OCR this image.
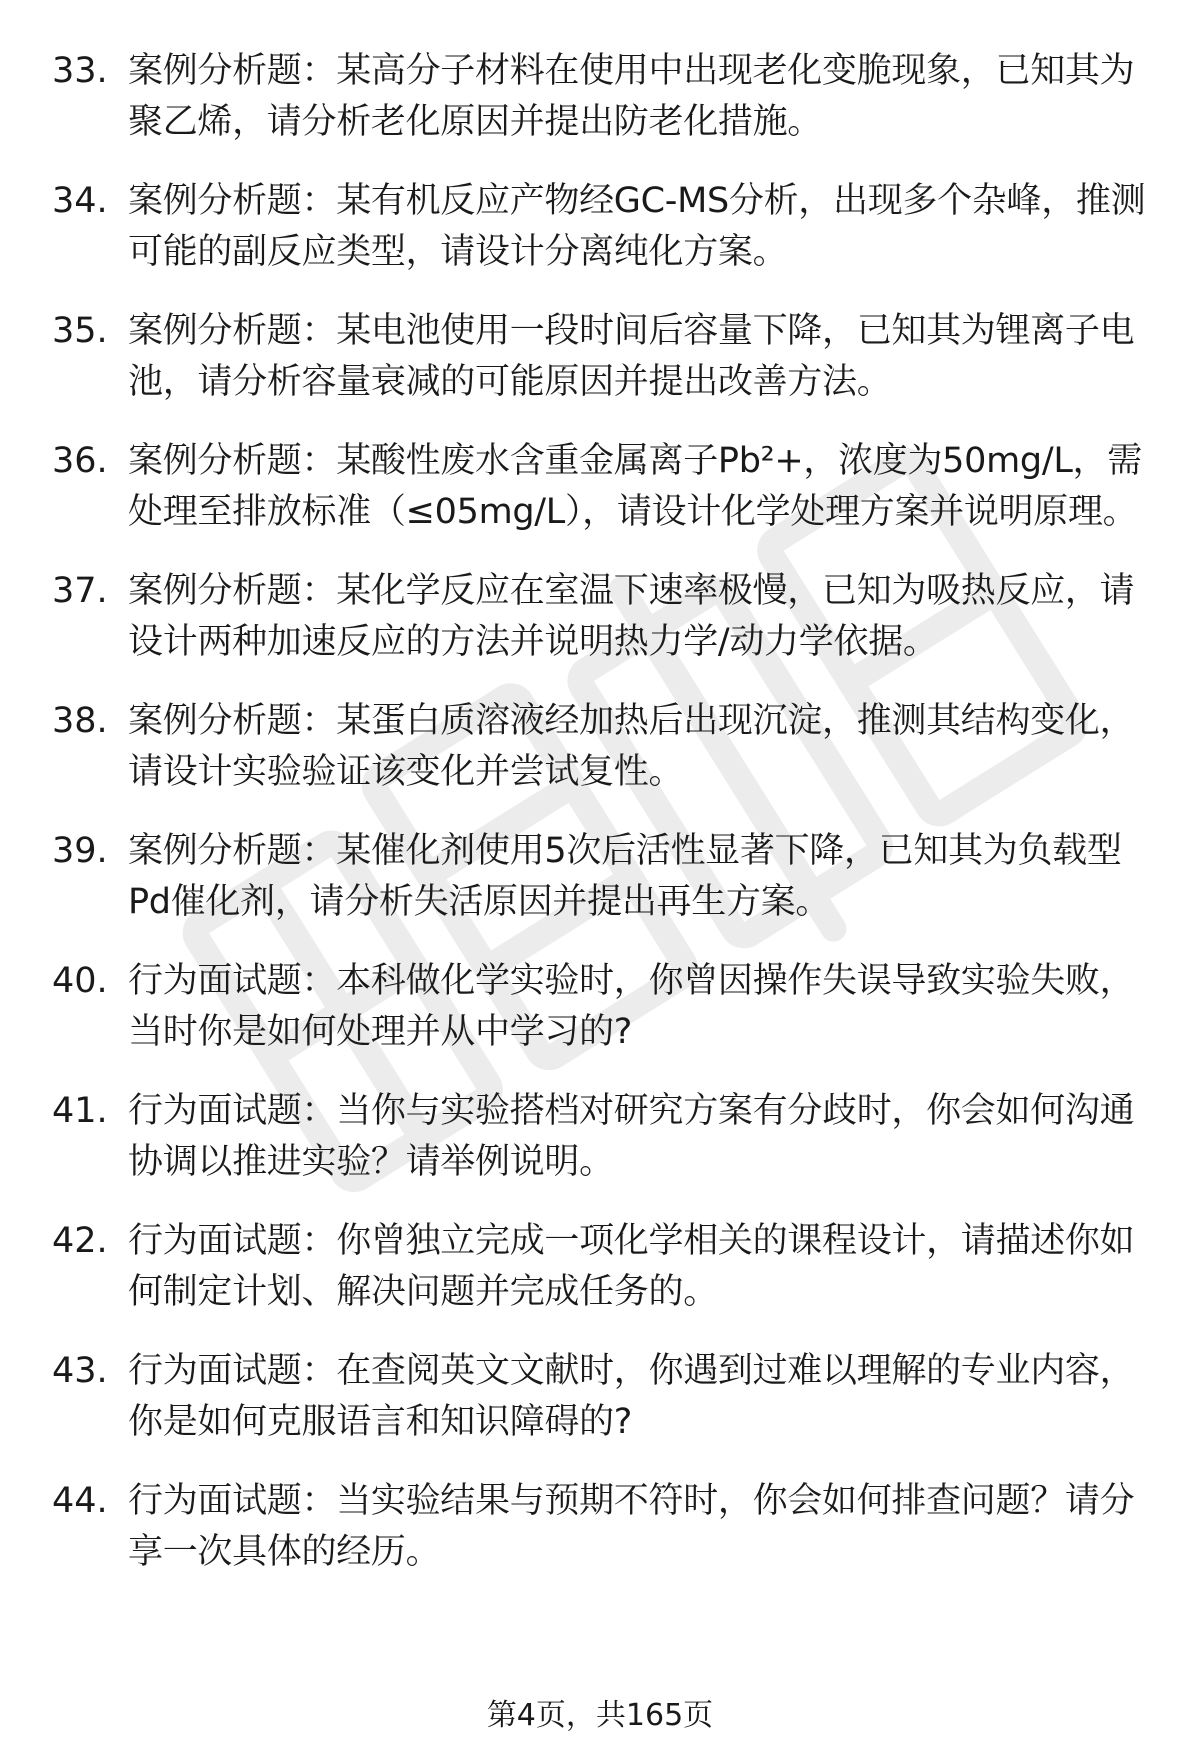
33. 案例分析题：某高分子材料在使用中出现老化变脆现象，已知其为聚乙烯，请分析老化原因并提出防老化措施。
34. 案例分析题：某有机反应产物经GC-MS分析，出现多个杂峰，推测可能的副反应类型，请设计分离纯化方案。
35. 案例分析题：某电池使用一段时间后容量下降，已知其为锂离子电池，请分析容量衰减的可能原因并提出改善方法。
36. 案例分析题：某酸性废水含重金属离子Pb²+，浓度为50mg/L，需处理至排放标准（≤05mg/L），请设计化学处理方案并说明原理。
37. 案例分析题：某化学反应在室温下速率极慢，已知为吸热反应，请设计两种加速反应的方法并说明热力学/动力学依据。
38. 案例分析题：某蛋白质溶液经加热后出现沉淀，推测其结构变化，请设计实验验证该变化并尝试复性。
39. 案例分析题：某催化剂使用5次后活性显著下降，已知其为负载型Pd催化剂，请分析失活原因并提出再生方案。
40. 行为面试题：本科做化学实验时，你曾因操作失误导致实验失败，当时你是如何处理并从中学习的?
41. 行为面试题：当你与实验搭档对研究方案有分歧时，你会如何沟通协调以推进实验？请举例说明。
42. 行为面试题：你曾独立完成一项化学相关的课程设计，请描述你如何制定计划、解决问题并完成任务的。
43. 行为面试题：在查阅英文文献时，你遇到过难以理解的专业内容，你是如何克服语言和知识障碍的?
44. 行为面试题：当实验结果与预期不符时，你会如何排查问题？请分享一次具体的经历。
第4页，共165页
